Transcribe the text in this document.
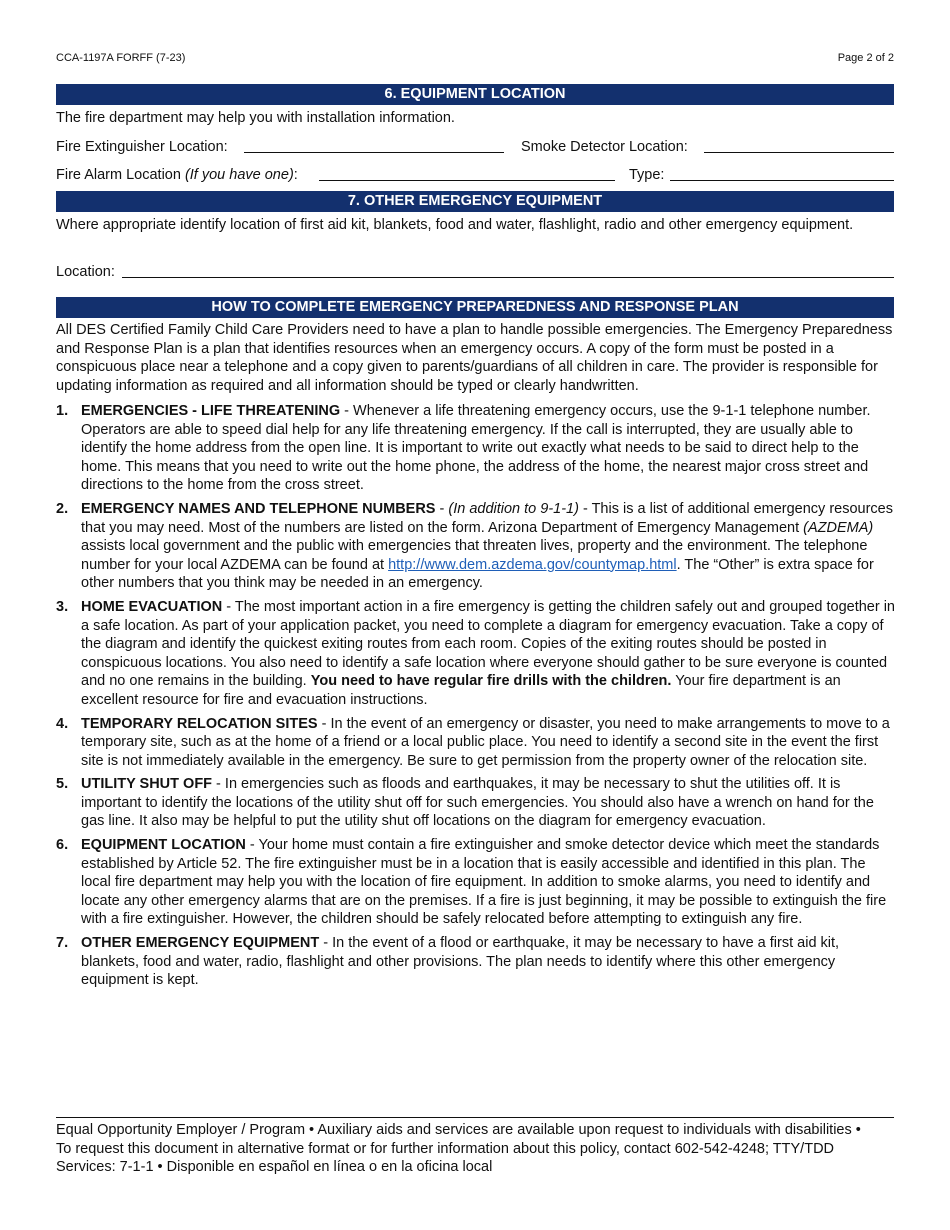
CCA-1197A FORFF (7-23)	Page 2 of 2
6. EQUIPMENT LOCATION
The fire department may help you with installation information.
Fire Extinguisher Location:	Smoke Detector Location:
Fire Alarm Location (If you have one):	Type:
7. OTHER EMERGENCY EQUIPMENT
Where appropriate identify location of first aid kit, blankets, food and water, flashlight, radio and other emergency equipment.
Location:
HOW TO COMPLETE EMERGENCY PREPAREDNESS AND RESPONSE PLAN
All DES Certified Family Child Care Providers need to have a plan to handle possible emergencies. The Emergency Preparedness and Response Plan is a plan that identifies resources when an emergency occurs. A copy of the form must be posted in a conspicuous place near a telephone and a copy given to parents/guardians of all children in care. The provider is responsible for updating information as required and all information should be typed or clearly handwritten.
1. EMERGENCIES - LIFE THREATENING - Whenever a life threatening emergency occurs, use the 9-1-1 telephone number. Operators are able to speed dial help for any life threatening emergency. If the call is interrupted, they are usually able to identify the home address from the open line. It is important to write out exactly what needs to be said to direct help to the home. This means that you need to write out the home phone, the address of the home, the nearest major cross street and directions to the home from the cross street.
2. EMERGENCY NAMES AND TELEPHONE NUMBERS - (In addition to 9-1-1) - This is a list of additional emergency resources that you may need. Most of the numbers are listed on the form. Arizona Department of Emergency Management (AZDEMA) assists local government and the public with emergencies that threaten lives, property and the environment. The telephone number for your local AZDEMA can be found at http://www.dem.azdema.gov/countymap.html. The “Other” is extra space for other numbers that you think may be needed in an emergency.
3. HOME EVACUATION - The most important action in a fire emergency is getting the children safely out and grouped together in a safe location. As part of your application packet, you need to complete a diagram for emergency evacuation. Take a copy of the diagram and identify the quickest exiting routes from each room. Copies of the exiting routes should be posted in conspicuous locations. You also need to identify a safe location where everyone should gather to be sure everyone is counted and no one remains in the building. You need to have regular fire drills with the children. Your fire department is an excellent resource for fire and evacuation instructions.
4. TEMPORARY RELOCATION SITES - In the event of an emergency or disaster, you need to make arrangements to move to a temporary site, such as at the home of a friend or a local public place. You need to identify a second site in the event the first site is not immediately available in the emergency. Be sure to get permission from the property owner of the relocation site.
5. UTILITY SHUT OFF - In emergencies such as floods and earthquakes, it may be necessary to shut the utilities off. It is important to identify the locations of the utility shut off for such emergencies. You should also have a wrench on hand for the gas line. It also may be helpful to put the utility shut off locations on the diagram for emergency evacuation.
6. EQUIPMENT LOCATION - Your home must contain a fire extinguisher and smoke detector device which meet the standards established by Article 52. The fire extinguisher must be in a location that is easily accessible and identified in this plan. The local fire department may help you with the location of fire equipment. In addition to smoke alarms, you need to identify and locate any other emergency alarms that are on the premises. If a fire is just beginning, it may be possible to extinguish the fire with a fire extinguisher. However, the children should be safely relocated before attempting to extinguish any fire.
7. OTHER EMERGENCY EQUIPMENT - In the event of a flood or earthquake, it may be necessary to have a first aid kit, blankets, food and water, radio, flashlight and other provisions. The plan needs to identify where this other emergency equipment is kept.
Equal Opportunity Employer / Program • Auxiliary aids and services are available upon request to individuals with disabilities • To request this document in alternative format or for further information about this policy, contact 602-542-4248; TTY/TDD Services: 7-1-1 • Disponible en español en línea o en la oficina local
